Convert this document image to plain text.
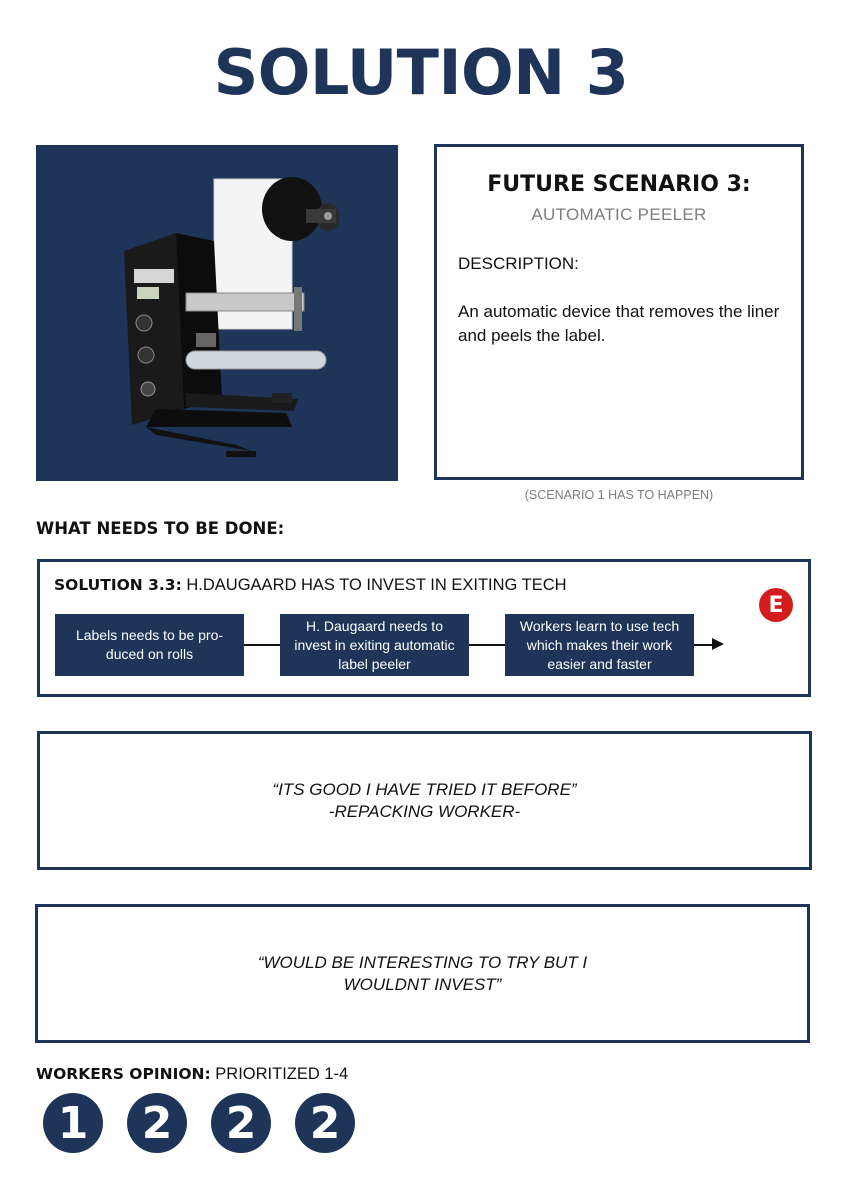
SOLUTION 3
FUTURE SCENARIO 3:
AUTOMATIC PEELER
DESCRIPTION:
An automatic device that removes the liner and peels the label.
(SCENARIO 1 HAS TO HAPPEN)
WHAT NEEDS TO BE DONE:
SOLUTION 3.3: H.DAUGAARD HAS TO INVEST IN EXITING TECH
Labels needs to be pro-duced on rolls
H. Daugaard needs to invest in exiting automatic label peeler
Workers learn to use tech which makes their work easier and faster
E
“ITS GOOD I HAVE TRIED IT BEFORE”
-REPACKING WORKER-
“WOULD BE INTERESTING TO TRY BUT I WOULDNT INVEST”
WORKERS OPINION: PRIORITIZED 1-4
1	2	2	2
